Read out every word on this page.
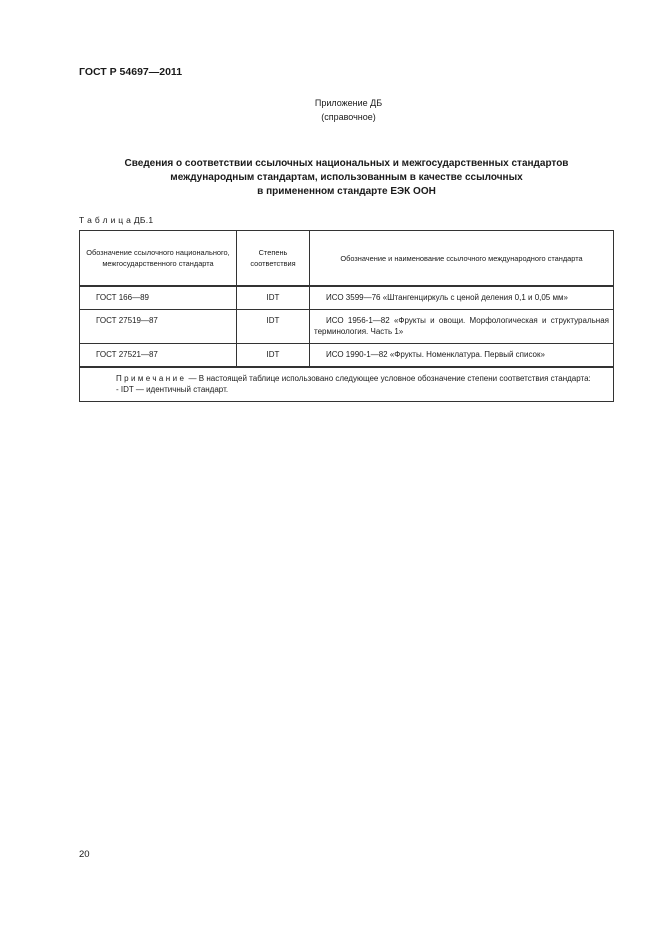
ГОСТ Р 54697—2011
Приложение ДБ
(справочное)
Сведения о соответствии ссылочных национальных и межгосударственных стандартов
международным стандартам, использованным в качестве ссылочных
в примененном стандарте ЕЭК ООН
Т а б л и ц а ДБ.1
Обозначение ссылочного национального, межгосударственного стандарта	Степень соответствия	Обозначение и наименование ссылочного международного стандарта
ГОСТ 166—89	IDT	ИСО 3599—76 «Штангенциркуль с ценой деления 0,1 и 0,05 мм»
ГОСТ 27519—87	IDT	ИСО 1956-1—82 «Фрукты и овощи. Морфологическая и структуральная терминология. Часть 1»
ГОСТ 27521—87	IDT	ИСО 1990-1—82 «Фрукты. Номенклатура. Первый список»

Примечание — В настоящей таблице использовано следующее условное обозначение степени соответствия стандарта:
- IDT — идентичный стандарт.		
20
